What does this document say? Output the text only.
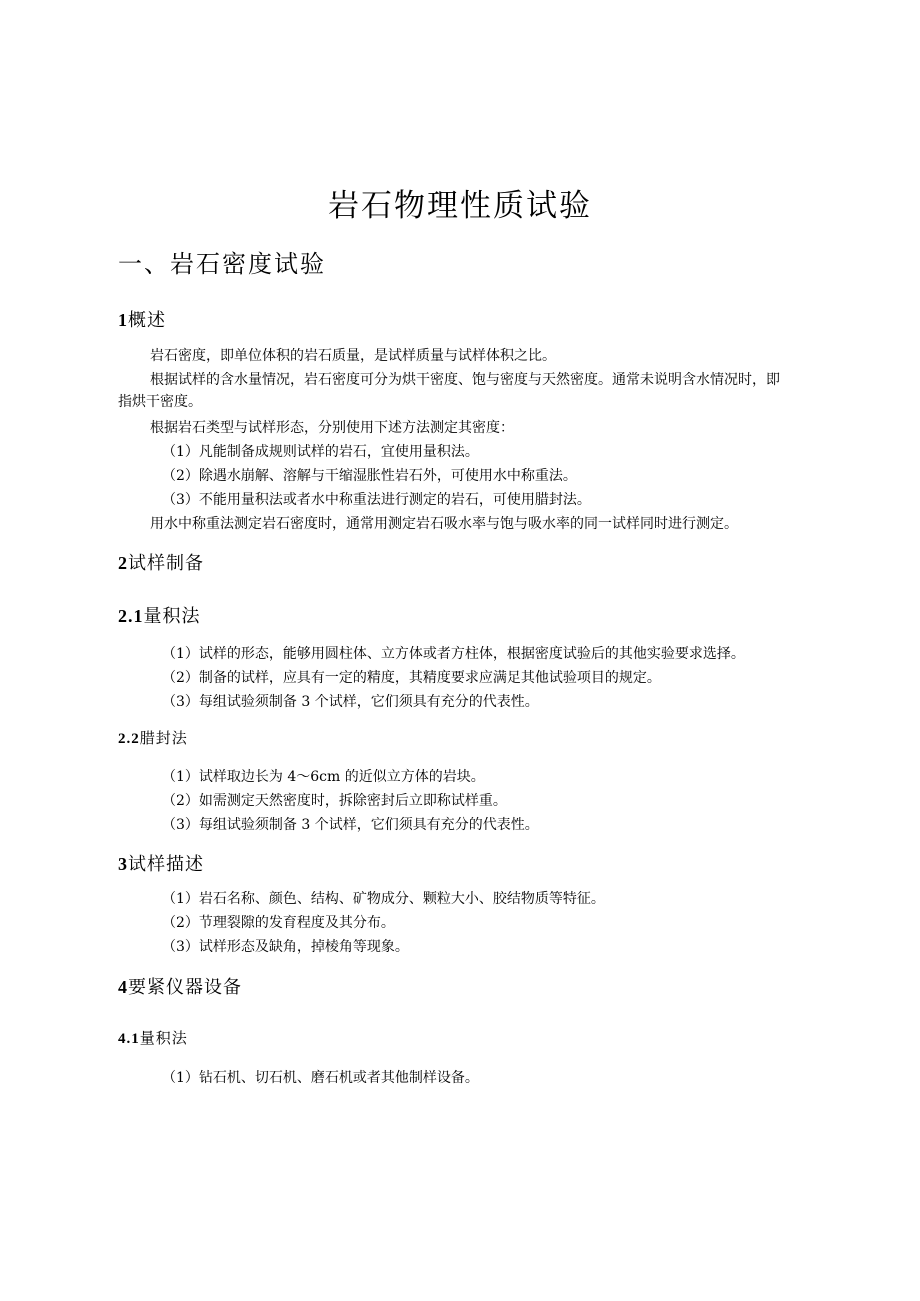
岩石物理性质试验
一、岩石密度试验
1概述
岩石密度，即单位体积的岩石质量，是试样质量与试样体积之比。
根据试样的含水量情况，岩石密度可分为烘干密度、饱与密度与天然密度。通常未说明含水情况时，即指烘干密度。
根据岩石类型与试样形态，分别使用下述方法测定其密度：
（1）凡能制备成规则试样的岩石，宜使用量积法。
（2）除遇水崩解、溶解与干缩湿胀性岩石外，可使用水中称重法。
（3）不能用量积法或者水中称重法进行测定的岩石，可使用腊封法。
用水中称重法测定岩石密度时，通常用测定岩石吸水率与饱与吸水率的同一试样同时进行测定。
2试样制备
2.1量积法
（1）试样的形态，能够用圆柱体、立方体或者方柱体，根据密度试验后的其他实验要求选择。
（2）制备的试样，应具有一定的精度，其精度要求应满足其他试验项目的规定。
（3）每组试验须制备 3 个试样，它们须具有充分的代表性。
2.2腊封法
（1）试样取边长为 4～6cm 的近似立方体的岩块。
（2）如需测定天然密度时，拆除密封后立即称试样重。
（3）每组试验须制备 3 个试样，它们须具有充分的代表性。
3试样描述
（1）岩石名称、颜色、结构、矿物成分、颗粒大小、胶结物质等特征。
（2）节理裂隙的发育程度及其分布。
（3）试样形态及缺角，掉棱角等现象。
4要紧仪器设备
4.1量积法
（1）钻石机、切石机、磨石机或者其他制样设备。
